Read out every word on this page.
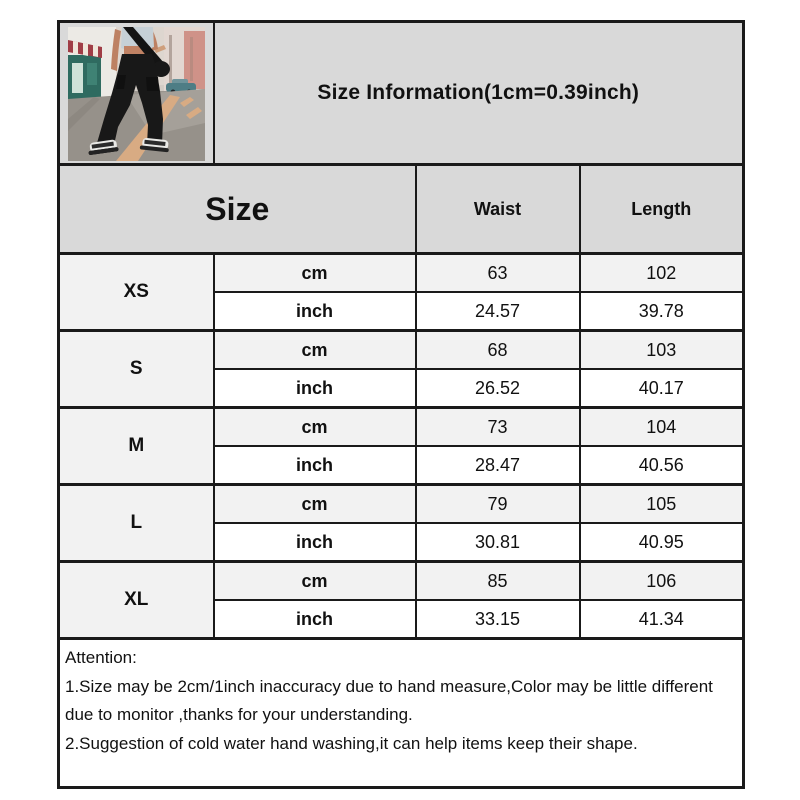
	Size Information(1cm=0.39inch)		
Size		Waist	Length
XS	cm	63	102
	inch	24.57	39.78
S	cm	68	103
	inch	26.52	40.17
M	cm	73	104
	inch	28.47	40.56
L	cm	79	105
	inch	30.81	40.95
XL	cm	85	106
	inch	33.15	41.34

Attention:
1.Size may be 2cm/1inch inaccuracy due to hand measure,Color may be little different due to monitor ,thanks for your understanding.
2.Suggestion of cold water hand washing,it can help items keep their shape.			
